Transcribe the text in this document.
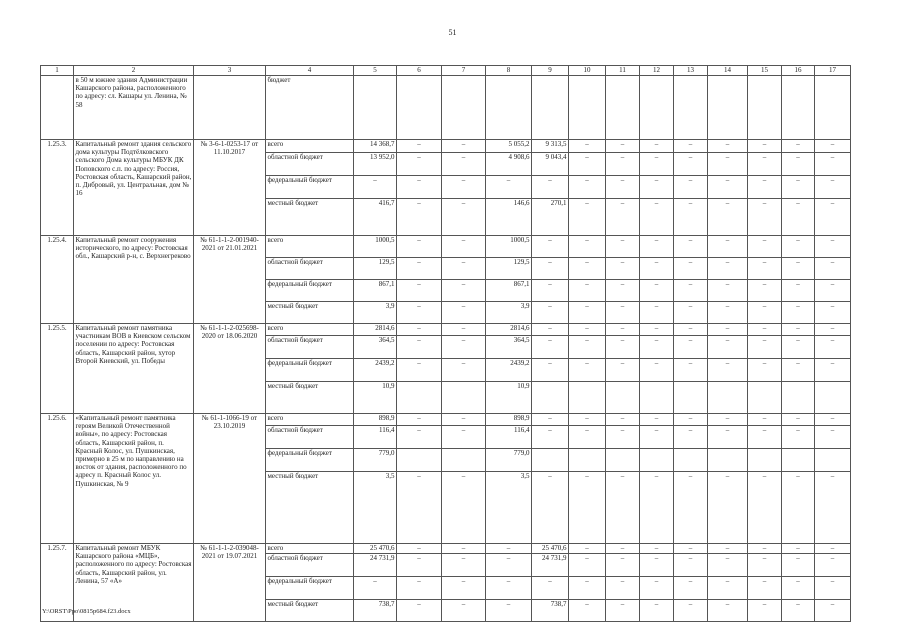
51
1	2	3	4	5	6	7	8	9	10	11	12	13	14	15	16	17
	в 50 м южнее здания Администрации Кашарского района, расположенного по адресу: сл. Кашары ул. Ленина, № 58		бюджет													
1.25.3.	Капитальный ремонт здания сельского дома культуры Подтёлковского сельского Дома культуры МБУК ДК Поповского с.п. по адресу: Россия, Ростовская область, Кашарский район, п. Дибровый, ул. Центральная, дом № 16	№ 3-6-1-0253-17 от 11.10.2017	всего	14 368,7	–	–	5 055,2	9 313,5	–	–	–	–	–	–	–	–
			областной бюджет	13 952,0	–	–	4 908,6	9 043,4	–	–	–	–	–	–	–	–
			федеральный бюджет	–	–	–	–	–	–	–	–	–	–	–	–	–
			местный бюджет	416,7	–	–	146,6	270,1	–	–	–	–	–	–	–	–
1.25.4.	Капитальный ремонт сооружения исторического, по адресу: Ростовская обл., Кашарский р-н, с. Верхнегреково	№ 61-1-1-2-001940-2021 от 21.01.2021	всего	1000,5	–	–	1000,5	–	–	–	–	–	–	–	–	–
			областной бюджет	129,5	–	–	129,5	–	–	–	–	–	–	–	–	–
			федеральный бюджет	867,1	–	–	867,1	–	–	–	–	–	–	–	–	–
			местный бюджет	3,9	–	–	3,9	–	–	–	–	–	–	–	–	–
1.25.5.	Капитальный ремонт памятника участникам ВОВ в Киевском сельском поселении по адресу: Ростовская область, Кашарский район, хутор Второй Киевский, ул. Победы	№ 61-1-1-2-025698-2020 от 18.06.2020	всего	2814,6	–	–	2814,6	–	–	–	–	–	–	–	–	–
			областной бюджет	364,5	–	–	364,5	–	–	–	–	–	–	–	–	–
			федеральный бюджет	2439,2	–	–	2439,2	–	–	–	–	–	–	–	–	–
			местный бюджет	10,9			10,9									
1.25.6.	«Капитальный ремонт памятника героям Великой Отечественной войны», по адресу: Ростовская область, Кашарский район, п. Красный Колос, ул. Пушкинская, примерно в 25 м по направлению на восток от здания, расположенного по адресу п. Красный Колос ул. Пушкинская, № 9	№ 61-1-1066-19 от 23.10.2019	всего	898,9	–	–	898,9	–	–	–	–	–	–	–	–	–
			областной бюджет	116,4	–	–	116,4	–	–	–	–	–	–	–	–	–
			федеральный бюджет	779,0			779,0									
			местный бюджет	3,5	–	–	3,5	–	–	–	–	–	–	–	–	–
1.25.7.	Капитальный ремонт МБУК Кашарского района «МЦБ», расположенного по адресу: Ростовская область, Кашарский район, ул. Ленина, 57 «А»	№ 61-1-1-2-039048-2021 от 19.07.2021	всего	25 470,6	–	–	–	25 470,6	–	–	–	–	–	–	–	–
			областной бюджет	24 731,9	–	–	–	24 731,9	–	–	–	–	–	–	–	–
			федеральный бюджет	–	–	–	–	–	–	–	–	–	–	–	–	–
			местный бюджет	738,7	–	–	–	738,7	–	–	–	–	–	–	–	–
Y:\ORST\Ppo\0815p684.f23.docx
